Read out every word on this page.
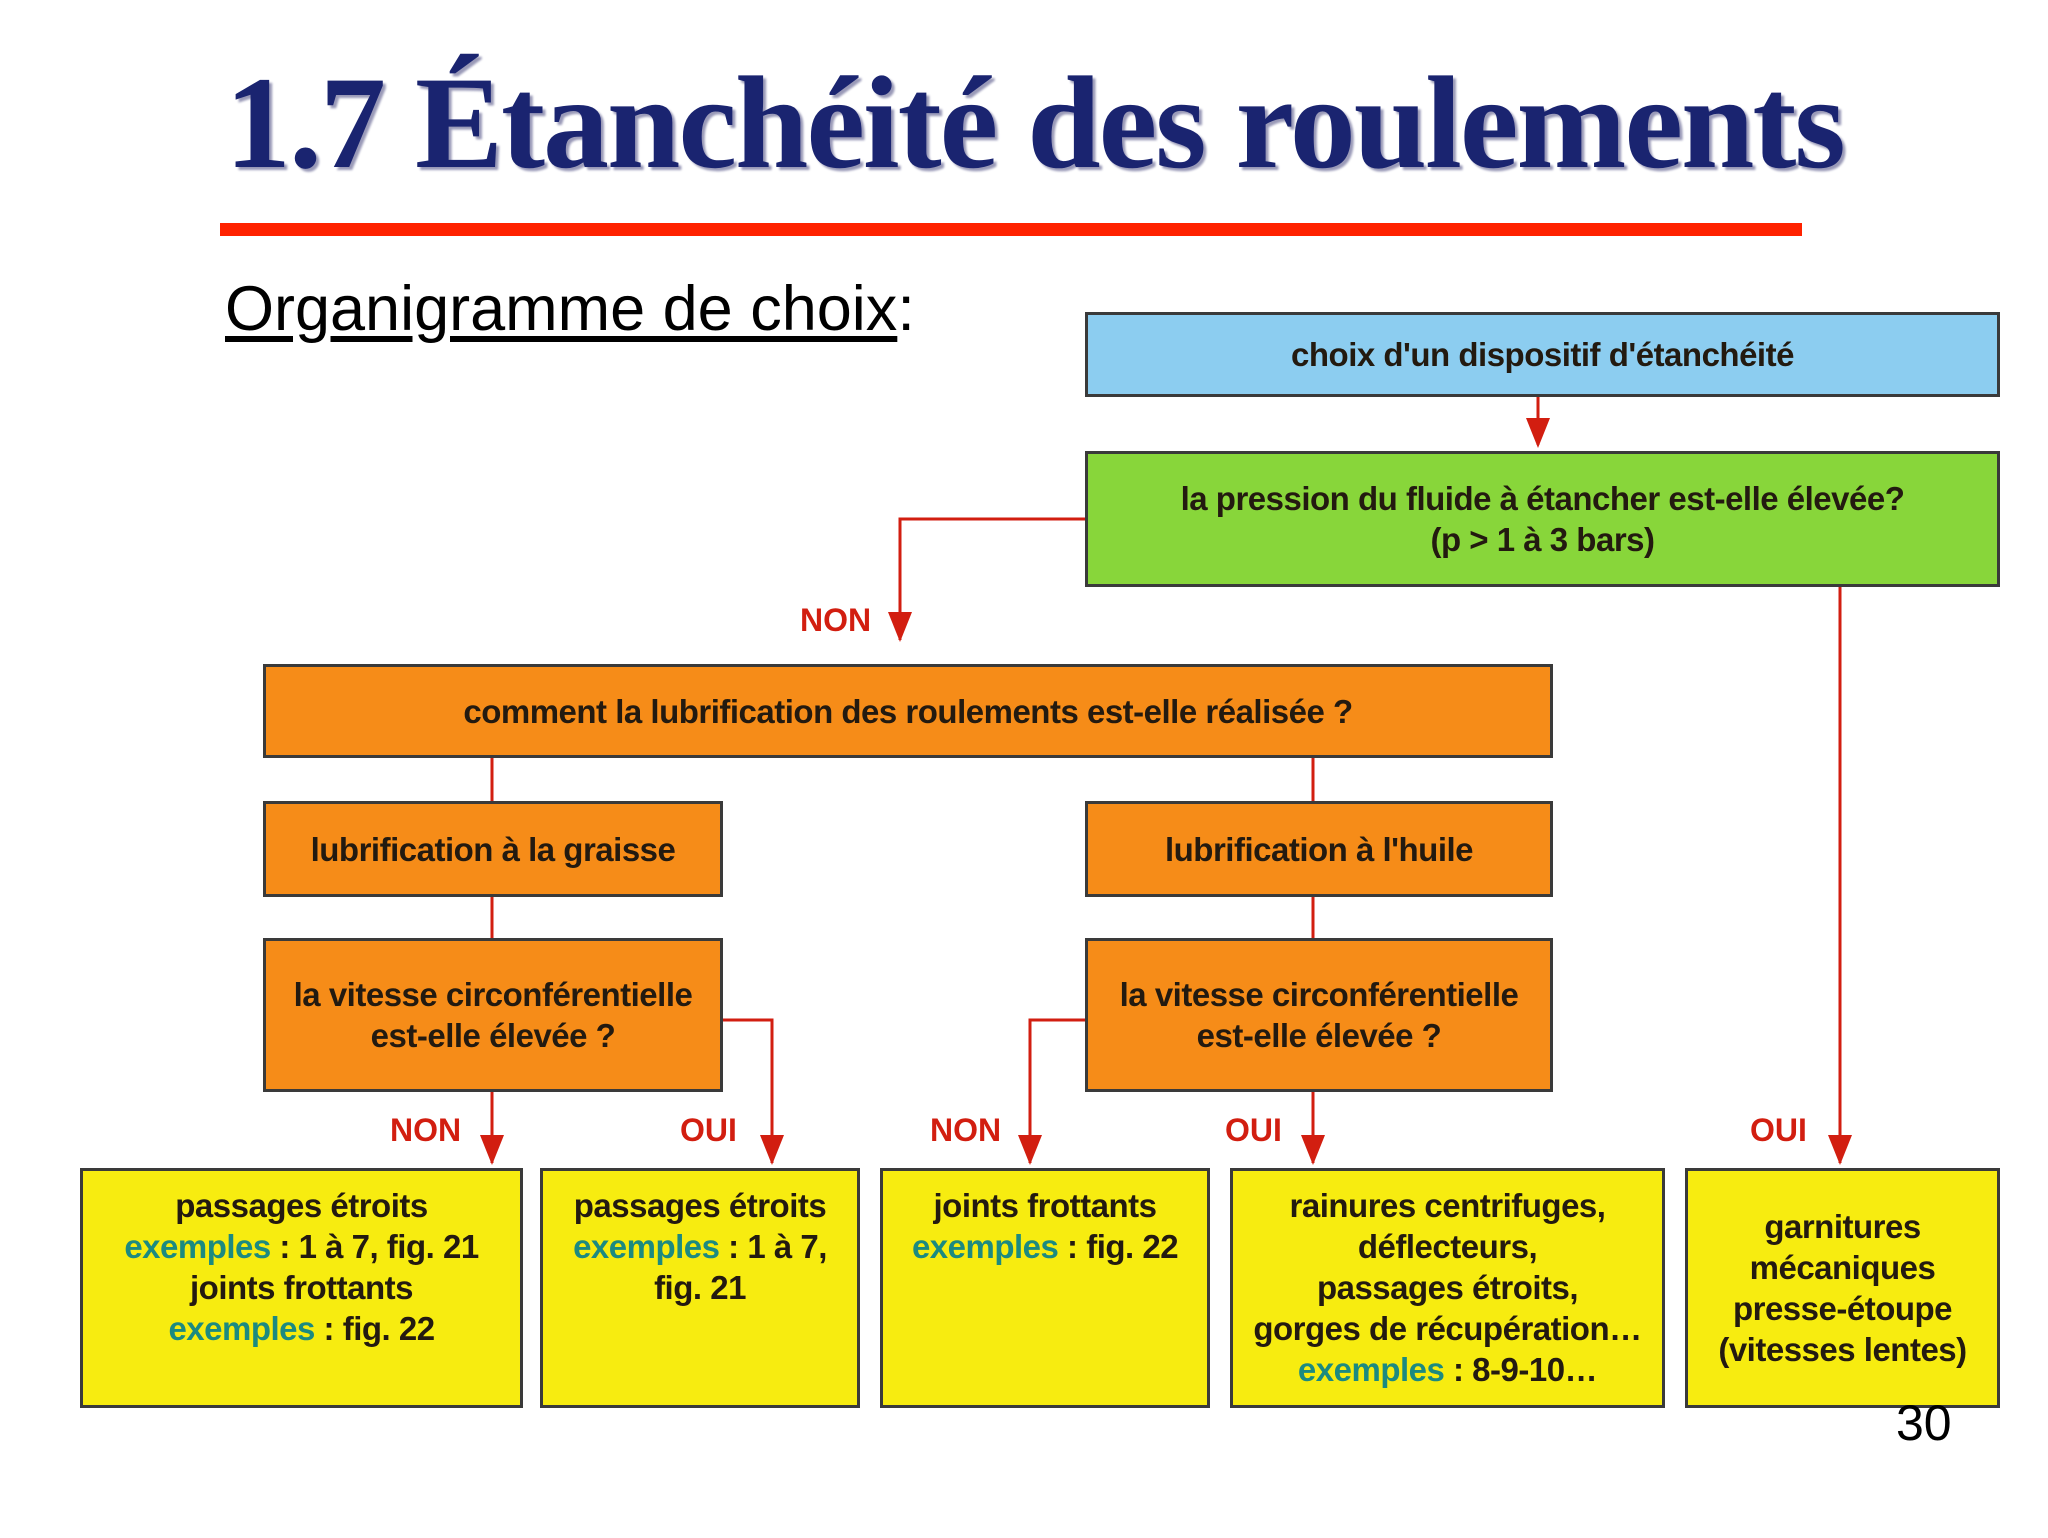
1.7 Étanchéité des roulements
Organigramme de choix:
choix d'un dispositif d'étanchéité
la pression du fluide à étancher est-elle élevée?
(p > 1 à 3 bars)
NON
comment la lubrification des roulements est-elle réalisée ?
lubrification à la graisse	lubrification à l'huile
la vitesse circonférentielle
est-elle élevée ?
la vitesse circonférentielle
est-elle élevée ?
NON	OUI	NON	OUI	OUI
passages étroits
exemples : 1 à 7, fig. 21
joints frottants
exemples : fig. 22
passages étroits
exemples : 1 à 7,
fig. 21
joints frottants
exemples : fig. 22
rainures centrifuges,
déflecteurs,
passages étroits,
gorges de récupération…
exemples : 8-9-10…
garnitures
mécaniques
presse-étoupe
(vitesses lentes)
30
